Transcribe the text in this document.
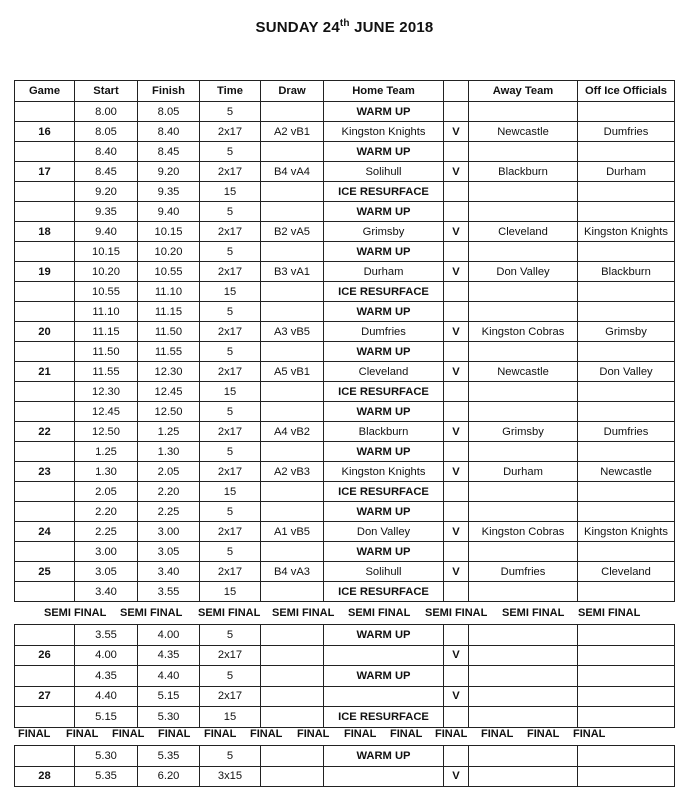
SUNDAY 24th JUNE 2018
Game	Start	Finish	Time	Draw	Home Team		Away Team	Off Ice Officials
	8.00	8.05	5		WARM UP			
16	8.05	8.40	2x17	A2 vB1	Kingston Knights	V	Newcastle	Dumfries
	8.40	8.45	5		WARM UP			
17	8.45	9.20	2x17	B4 vA4	Solihull	V	Blackburn	Durham
	9.20	9.35	15		ICE RESURFACE			
	9.35	9.40	5		WARM UP			
18	9.40	10.15	2x17	B2 vA5	Grimsby	V	Cleveland	Kingston Knights
	10.15	10.20	5		WARM UP			
19	10.20	10.55	2x17	B3 vA1	Durham	V	Don Valley	Blackburn
	10.55	11.10	15		ICE RESURFACE			
	11.10	11.15	5		WARM UP			
20	11.15	11.50	2x17	A3 vB5	Dumfries	V	Kingston Cobras	Grimsby
	11.50	11.55	5		WARM UP			
21	11.55	12.30	2x17	A5 vB1	Cleveland	V	Newcastle	Don Valley
	12.30	12.45	15		ICE RESURFACE			
	12.45	12.50	5		WARM UP			
22	12.50	1.25	2x17	A4 vB2	Blackburn	V	Grimsby	Dumfries
	1.25	1.30	5		WARM UP			
23	1.30	2.05	2x17	A2 vB3	Kingston Knights	V	Durham	Newcastle
	2.05	2.20	15		ICE RESURFACE			
	2.20	2.25	5		WARM UP			
24	2.25	3.00	2x17	A1 vB5	Don Valley	V	Kingston Cobras	Kingston Knights
	3.00	3.05	5		WARM UP			
25	3.05	3.40	2x17	B4 vA3	Solihull	V	Dumfries	Cleveland
	3.40	3.55	15		ICE RESURFACE			
SEMI FINAL SEMI FINAL SEMI FINAL SEMI FINAL SEMI FINAL SEMI FINAL SEMI FINAL SEMI FINAL
	3.55	4.00	5		WARM UP			
26	4.00	4.35	2x17			V		
	4.35	4.40	5		WARM UP			
27	4.40	5.15	2x17			V		
	5.15	5.30	15		ICE RESURFACE			
FINAL FINAL FINAL FINAL FINAL FINAL FINAL FINAL FINAL FINAL FINAL FINAL FINAL
	5.30	5.35	5		WARM UP			
28	5.35	6.20	3x15			V		
